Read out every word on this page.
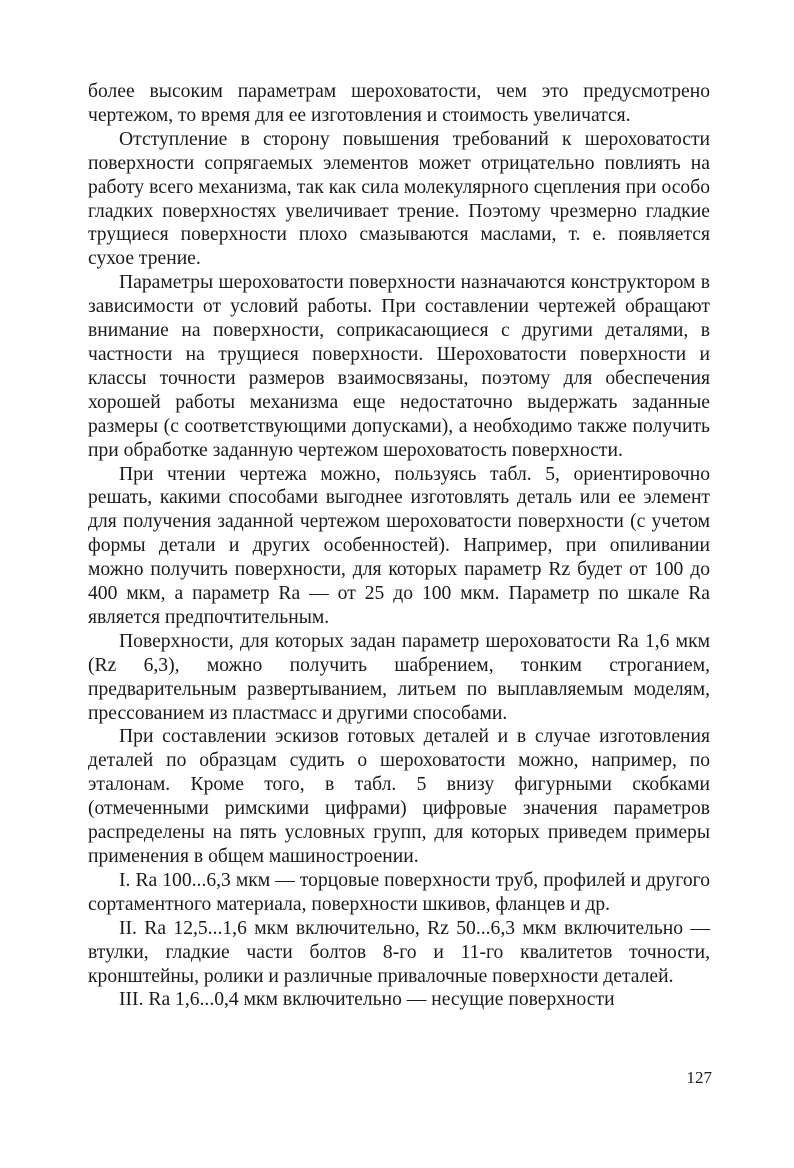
более высоким параметрам шероховатости, чем это предусмотрено чертежом, то время для ее изготовления и стоимость увеличатся.

Отступление в сторону повышения требований к шероховатости поверхности сопрягаемых элементов может отрицательно повлиять на работу всего механизма, так как сила молекулярного сцепления при особо гладких поверхностях увеличивает трение. Поэтому чрезмерно гладкие трущиеся поверхности плохо смазываются маслами, т. е. появляется сухое трение.

Параметры шероховатости поверхности назначаются конструктором в зависимости от условий работы. При составлении чертежей обращают внимание на поверхности, соприкасающиеся с другими деталями, в частности на трущиеся поверхности. Шероховатости поверхности и классы точности размеров взаимосвязаны, поэтому для обеспечения хорошей работы механизма еще недостаточно выдержать заданные размеры (с соответствующими допусками), а необходимо также получить при обработке заданную чертежом шероховатость поверхности.

При чтении чертежа можно, пользуясь табл. 5, ориентировочно решать, какими способами выгоднее изготовлять деталь или ее элемент для получения заданной чертежом шероховатости поверхности (с учетом формы детали и других особенностей). Например, при опиливании можно получить поверхности, для которых параметр Rz будет от 100 до 400 мкм, а параметр Ra — от 25 до 100 мкм. Параметр по шкале Ra является предпочтительным.

Поверхности, для которых задан параметр шероховатости Ra 1,6 мкм (Rz 6,3), можно получить шабрением, тонким строганием, предварительным развертыванием, литьем по выплавляемым моделям, прессованием из пластмасс и другими способами.

При составлении эскизов готовых деталей и в случае изготовления деталей по образцам судить о шероховатости можно, например, по эталонам. Кроме того, в табл. 5 внизу фигурными скобками (отмеченными римскими цифрами) цифровые значения параметров распределены на пять условных групп, для которых приведем примеры применения в общем машиностроении.

I. Ra 100...6,3 мкм — торцовые поверхности труб, профилей и другого сортаментного материала, поверхности шкивов, фланцев и др.

II. Ra 12,5...1,6 мкм включительно, Rz 50...6,3 мкм включительно — втулки, гладкие части болтов 8-го и 11-го квалитетов точности, кронштейны, ролики и различные привалочные поверхности деталей.

III. Ra 1,6...0,4 мкм включительно — несущие поверхности

127
